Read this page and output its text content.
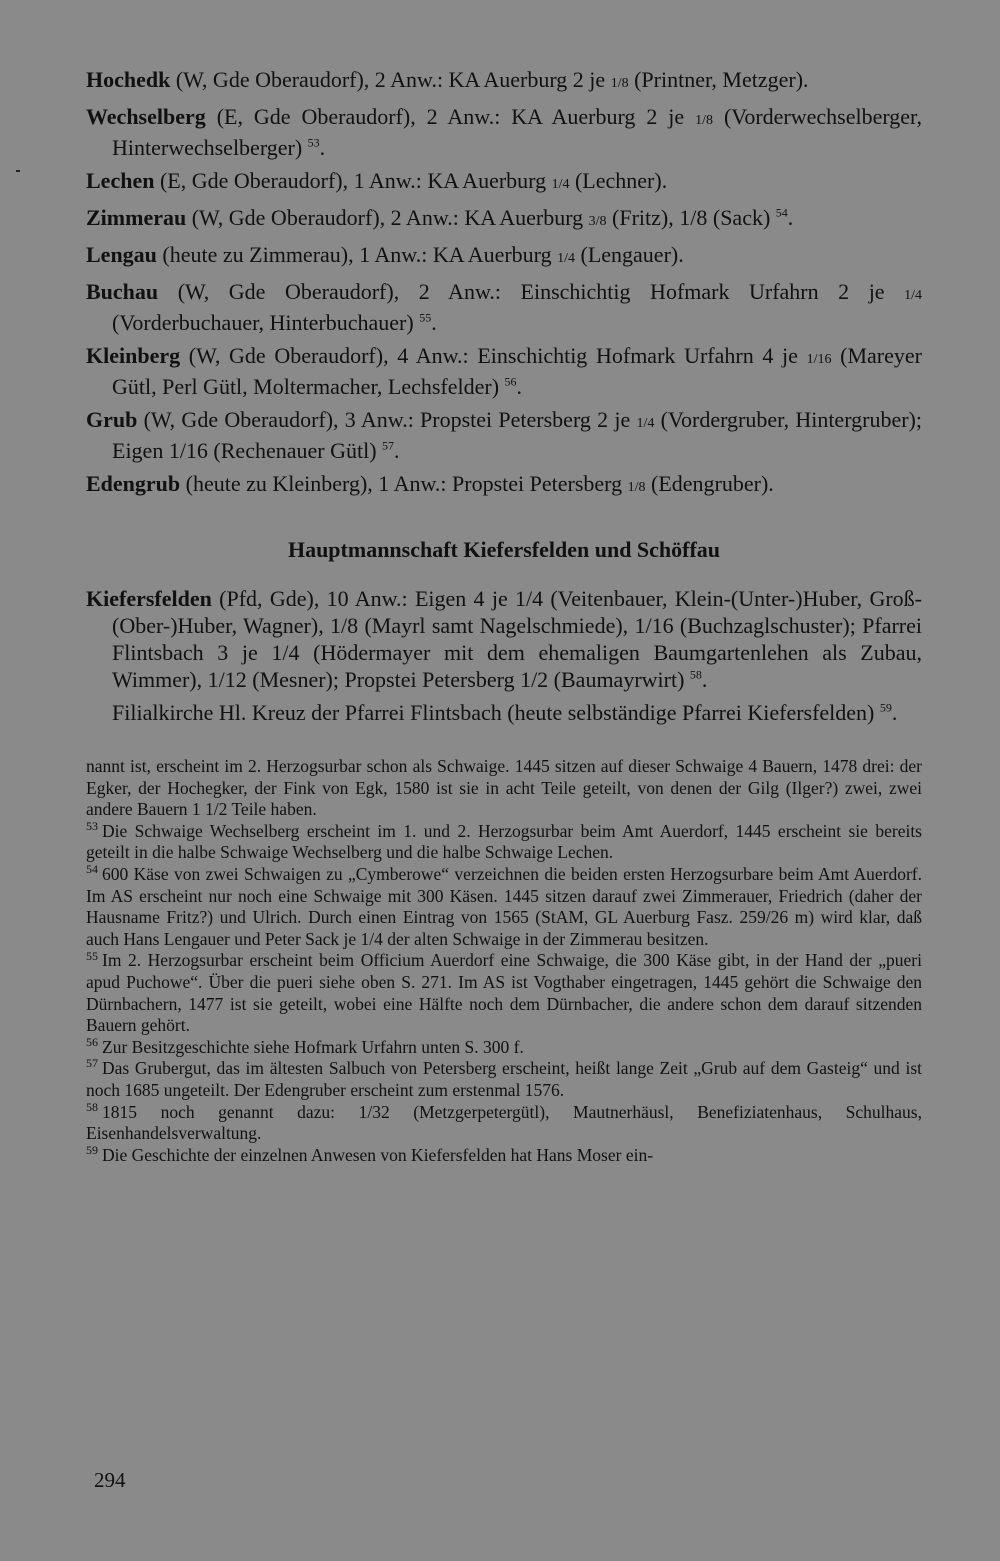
Hochedk (W, Gde Oberaudorf), 2 Anw.: KA Auerburg 2 je 1/8 (Printner, Metzger).

Wechselberg (E, Gde Oberaudorf), 2 Anw.: KA Auerburg 2 je 1/8 (Vorderwechselberger, Hinterwechselberger) $^{53}$.

Lechen (E, Gde Oberaudorf), 1 Anw.: KA Auerburg 1/4 (Lechner).

Zimmerau (W, Gde Oberaudorf), 2 Anw.: KA Auerburg 3/8 (Fritz), 1/8 (Sack) $^{54}$.

Lengau (heute zu Zimmerau), 1 Anw.: KA Auerburg 1/4 (Lengauer).

Buchau (W, Gde Oberaudorf), 2 Anw.: Einschichtig Hofmark Urfahrn 2 je 1/4 (Vorderbuchauer, Hinterbuchauer) $^{55}$.

Kleinberg (W, Gde Oberaudorf), 4 Anw.: Einschichtig Hofmark Urfahrn 4 je 1/16 (Mareyer Gütl, Perl Gütl, Moltermacher, Lechsfelder) $^{56}$.

Grub (W, Gde Oberaudorf), 3 Anw.: Propstei Petersberg 2 je 1/4 (Vordergruber, Hintergruber); Eigen 1/16 (Rechenauer Gütl) $^{57}$.

Edengrub (heute zu Kleinberg), 1 Anw.: Propstei Petersberg 1/8 (Edengruber).

Hauptmannschaft Kiefersfelden und Schöffau

Kiefersfelden (Pfd, Gde), 10 Anw.: Eigen 4 je 1/4 (Veitenbauer, Klein-(Unter-)Huber, Groß-(Ober-)Huber, Wagner), 1/8 (Mayrl samt Nagelschmiede), 1/16 (Buchzaglschuster); Pfarrei Flintsbach 3 je 1/4 (Hödermayer mit dem ehemaligen Baumgartenlehen als Zubau, Wimmer), 1/12 (Mesner); Propstei Petersberg 1/2 (Baumayrwirt) $^{58}$.

Filialkirche Hl. Kreuz der Pfarrei Flintsbach (heute selbständige Pfarrei Kiefersfelden) $^{59}$.

nannt ist, erscheint im 2. Herzogsurbar schon als Schwaige. 1445 sitzen auf dieser Schwaige 4 Bauern, 1478 drei: der Egker, der Hochegker, der Fink von Egk, 1580 ist sie in acht Teile geteilt, von denen der Gilg (Ilger?) zwei, zwei andere Bauern 1 1/2 Teile haben.

$^{53}$ Die Schwaige Wechselberg erscheint im 1. und 2. Herzogsurbar beim Amt Auerdorf, 1445 erscheint sie bereits geteilt in die halbe Schwaige Wechselberg und die halbe Schwaige Lechen.

$^{54}$ 600 Käse von zwei Schwaigen zu „Cymberowe“ verzeichnen die beiden ersten Herzogsurbare beim Amt Auerdorf. Im AS erscheint nur noch eine Schwaige mit 300 Käsen. 1445 sitzen darauf zwei Zimmerauer, Friedrich (daher der Hausname Fritz?) und Ulrich. Durch einen Eintrag von 1565 (StAM, GL Auerburg Fasz. 259/26 m) wird klar, daß auch Hans Lengauer und Peter Sack je 1/4 der alten Schwaige in der Zimmerau besitzen.

$^{55}$ Im 2. Herzogsurbar erscheint beim Officium Auerdorf eine Schwaige, die 300 Käse gibt, in der Hand der „pueri apud Puchowe“. Über die pueri siehe oben S. 271. Im AS ist Vogthaber eingetragen, 1445 gehört die Schwaige den Dürnbachern, 1477 ist sie geteilt, wobei eine Hälfte noch dem Dürnbacher, die andere schon dem darauf sitzenden Bauern gehört.

$^{56}$ Zur Besitzgeschichte siehe Hofmark Urfahrn unten S. 300 f.

$^{57}$ Das Grubergut, das im ältesten Salbuch von Petersberg erscheint, heißt lange Zeit „Grub auf dem Gasteig“ und ist noch 1685 ungeteilt. Der Edengruber erscheint zum erstenmal 1576.

$^{58}$ 1815 noch genannt dazu: 1/32 (Metzgerpetergütl), Mautnerhäusl, Benefiziatenhaus, Schulhaus, Eisenhandelsverwaltung.

$^{59}$ Die Geschichte der einzelnen Anwesen von Kiefersfelden hat Hans Moser ein-

294
